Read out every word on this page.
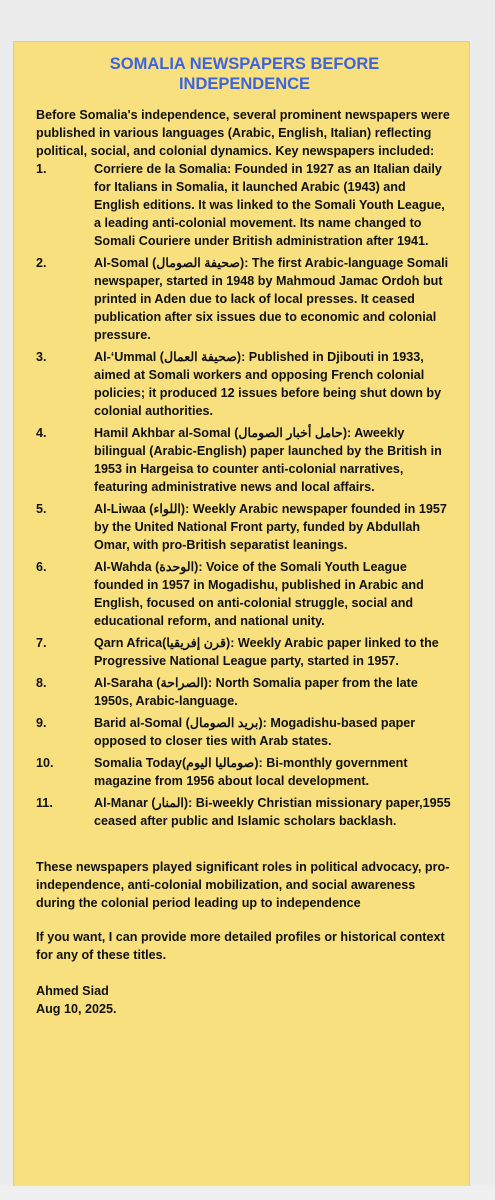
SOMALIA NEWSPAPERS BEFORE
INDEPENDENCE

Before Somalia's independence, several prominent newspapers were published in various languages (Arabic, English, Italian) reflecting political, social, and colonial dynamics. Key newspapers included:

1.	Corriere de la Somalia: Founded in 1927 as an Italian daily for Italians in Somalia, it launched Arabic (1943) and English editions. It was linked to the Somali Youth League, a leading anti-colonial movement. Its name changed to Somali Couriere under British administration after 1941.
2.	Al-Somal (صحيفة الصومال): The first Arabic-language Somali newspaper, started in 1948 by Mahmoud Jamac Ordoh but printed in Aden due to lack of local presses. It ceased publication after six issues due to economic and colonial pressure.
3.	Al-‘Ummal (صحيفة العمال): Published in Djibouti in 1933, aimed at Somali workers and opposing French colonial policies; it produced 12 issues before being shut down by colonial authorities.
4.	Hamil Akhbar al-Somal (حامل أخبار الصومال): Aweekly bilingual (Arabic-English) paper launched by the British in 1953 in Hargeisa to counter anti-colonial narratives, featuring administrative news and local affairs.
5.	Al-Liwaa (اللواء): Weekly Arabic newspaper founded in 1957 by the United National Front party, funded by Abdullah Omar, with pro-British separatist leanings.
6.	Al-Wahda (الوحدة): Voice of the Somali Youth League founded in 1957 in Mogadishu, published in Arabic and English, focused on anti-colonial struggle, social and educational reform, and national unity.
7.	Qarn Africa(قرن إفريقيا): Weekly Arabic paper linked to the Progressive National League party, started in 1957.
8.	Al-Saraha (الصراحة): North Somalia paper from the late 1950s, Arabic-language.
9.	Barid al-Somal (بريد الصومال): Mogadishu-based paper opposed to closer ties with Arab states.
10.	Somalia Today(صوماليا اليوم): Bi-monthly government magazine from 1956 about local development.
11.	Al-Manar (المنار): Bi-weekly Christian missionary paper,1955 ceased after public and Islamic scholars backlash.

These newspapers played significant roles in political advocacy, pro-independence, anti-colonial mobilization, and social awareness during the colonial period leading up to independence

If you want, I can provide more detailed profiles or historical context for any of these titles.

Ahmed Siad
Aug 10, 2025.
